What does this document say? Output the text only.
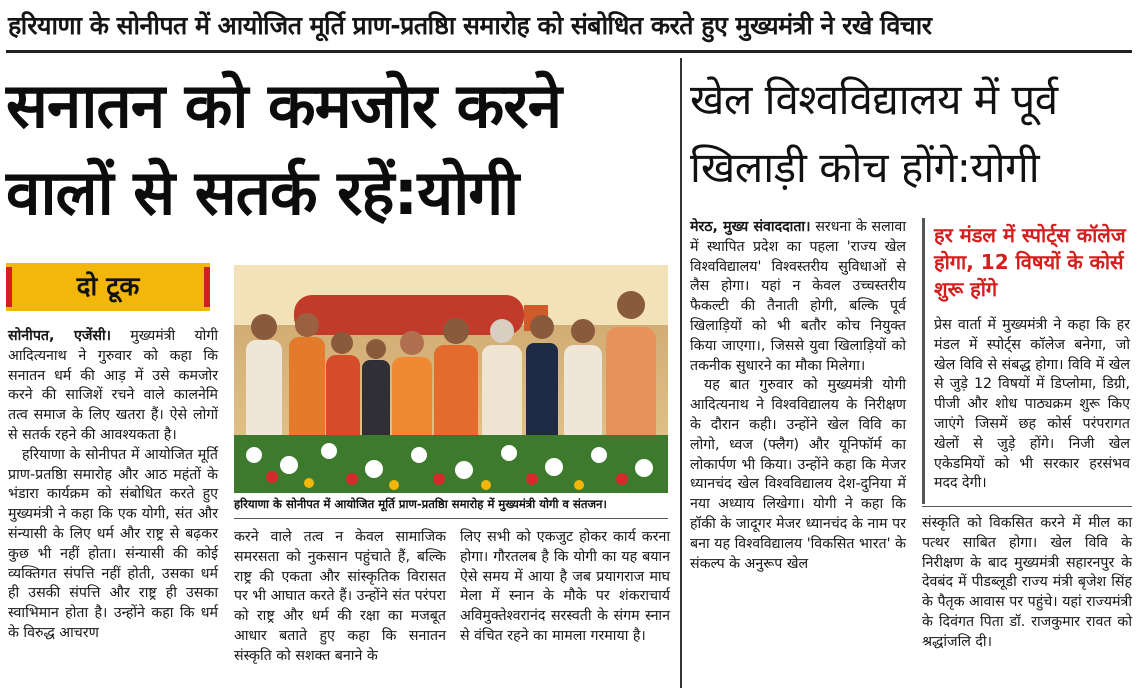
हरियाणा के सोनीपत में आयोजित मूर्ति प्राण-प्रतष्ठिा समारोह को संबोधित करते हुए मुख्यमंत्री ने रखे विचार
सनातन को कमजोर करने
वालों से सतर्क रहें:योगी
खेल विश्वविद्यालय में पूर्व
खिलाड़ी कोच होंगे:योगी
दो टूक

सोनीपत, एजेंसी। मुख्यमंत्री योगी आदित्यनाथ ने गुरुवार को कहा कि सनातन धर्म की आड़ में उसे कमजोर करने की साजिशें रचने वाले कालनेमि तत्व समाज के लिए खतरा हैं। ऐसे लोगों से सतर्क रहने की आवश्यकता है।

हरियाणा के सोनीपत में आयोजित मूर्ति प्राण-प्रतष्ठिा समारोह और आठ महंतों के भंडारा कार्यक्रम को संबोधित करते हुए मुख्यमंत्री ने कहा कि एक योगी, संत और संन्यासी के लिए धर्म और राष्ट्र से बढ़कर कुछ भी नहीं होता। संन्यासी की कोई व्यक्तिगत संपत्ति नहीं होती, उसका धर्म ही उसकी संपत्ति और राष्ट्र ही उसका स्वाभिमान होता है। उन्होंने कहा कि धर्म के विरुद्ध आचरण

हरियाणा के सोनीपत में आयोजित मूर्ति प्राण-प्रतष्ठिा समारोह में मुख्यमंत्री योगी व संतजन।

करने वाले तत्व न केवल सामाजिक समरसता को नुकसान पहुंचाते हैं, बल्कि राष्ट्र की एकता और सांस्कृतिक विरासत पर भी आघात करते हैं। उन्होंने संत परंपरा को राष्ट्र और धर्म की रक्षा का मजबूत आधार बताते हुए कहा कि सनातन संस्कृति को सशक्त बनाने के

लिए सभी को एकजुट होकर कार्य करना होगा। गौरतलब है कि योगी का यह बयान ऐसे समय में आया है जब प्रयागराज माघ मेला में स्नान के मौके पर शंकराचार्य अविमुक्तेश्वरानंद सरस्वती के संगम स्नान से वंचित रहने का मामला गरमाया है।

मेरठ, मुख्य संवाददाता। सरधना के सलावा में स्थापित प्रदेश का पहला 'राज्य खेल विश्वविद्यालय' विश्वस्तरीय सुविधाओं से लैस होगा। यहां न केवल उच्चस्तरीय फैकल्टी की तैनाती होगी, बल्कि पूर्व खिलाड़ियों को भी बतौर कोच नियुक्त किया जाएगा।, जिससे युवा खिलाड़ियों को तकनीक सुधारने का मौका मिलेगा।

यह बात गुरुवार को मुख्यमंत्री योगी आदित्यनाथ ने विश्वविद्यालय के निरीक्षण के दौरान कही। उन्होंने खेल विवि का लोगो, ध्वज (फ्लैग) और यूनिफॉर्म का लोकार्पण भी किया। उन्होंने कहा कि मेजर ध्यानचंद खेल विश्वविद्यालय देश-दुनिया में नया अध्याय लिखेगा। योगी ने कहा कि हॉकी के जादूगर मेजर ध्यानचंद के नाम पर बना यह विश्वविद्यालय 'विकसित भारत' के संकल्प के अनुरूप खेल

हर मंडल में स्पोर्ट्स कॉलेज होगा, 12 विषयों के कोर्स शुरू होंगे

प्रेस वार्ता में मुख्यमंत्री ने कहा कि हर मंडल में स्पोर्ट्स कॉलेज बनेगा, जो खेल विवि से संबद्ध होगा। विवि में खेल से जुड़े 12 विषयों में डिप्लोमा, डिग्री, पीजी और शोध पाठ्यक्रम शुरू किए जाएंगे जिसमें छह कोर्स परंपरागत खेलों से जुड़े होंगे। निजी खेल एकेडमियों को भी सरकार हरसंभव मदद देगी।

संस्कृति को विकसित करने में मील का पत्थर साबित होगा। खेल विवि के निरीक्षण के बाद मुख्यमंत्री सहारनपुर के देवबंद में पीडब्लूडी राज्य मंत्री बृजेश सिंह के पैतृक आवास पर पहुंचे। यहां राज्यमंत्री के दिवंगत पिता डॉ. राजकुमार रावत को श्रद्धांजलि दी।
